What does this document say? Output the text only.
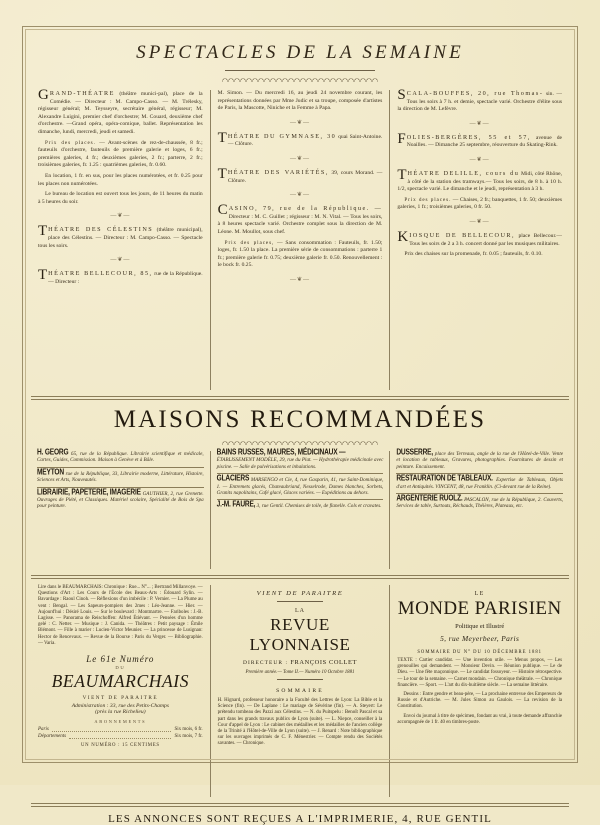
SPECTACLES DE LA SEMAINE

GRAND-THÉATRE (théâtre munici-pal), place de la Comédie. — Directeur : M. Campo-Casso. — M. Trélesky, régisseur général; M. Teysseyre, secrétaire général, régisseur; M. Alexandre Luigini, premier chef d'orchestre; M. Couard, deuxième chef d'orchestre. —Grand opéra, opéra-comique, ballet. Représentation les dimanche, lundi, mercredi, jeudi et samedi.

Prix des places. — Avant-scènes de rez-de-chaussée, 8 fr.; fauteuils d'orchestre, fauteuils de première galerie et loges, 6 fr.; premières galeries, 4 fr.; deuxièmes galeries, 2 fr.; parterre, 2 fr.; troisièmes galeries, fr. 1.25 : quatrièmes galeries, fr. 0.60.

En location, 1 fr. en sus, pour les places numérotées, et fr. 0.25 pour les places non numérotées.

Le bureau de location est ouvert tous les jours, de 11 heures du matin à 5 heures du soir.

—❦—

THÉATRE DES CÉLESTINS (théâtre municipal), place des Célestins. — Directeur : M. Campo-Casso. — Spectacle tous les soirs.

—❦—

THÉATRE BELLECOUR, 85, rue de la République. — Directeur :

M. Simon. — Du mercredi 16, au jeudi 24 novembre courant, les représentations données par Mme Judic et sa troupe, composée d'artistes de Paris, la Mascotte, Niniche et la Femme à Papa.

—❦—

THÉATRE DU GYMNASE, 30 quai Saint-Antoine. — Clôture.

—❦—

THÉATRE DES VARIÉTÉS, 39, cours Morand. — Clôture.

—❦—

CASINO, 79, rue de la République. — Directeur : M. C. Guillet ; régisseur : M. N. Vital. — Tous les soirs, à 8 heures spectacle varié. Orchestre complet sous la direction de M. Léone. M. Moullot, sous chef.

Prix des places, — Sans consommation : Fauteuils, fr. 1.50; loges, fr. 1.50 la place. La première série de consommations : parterre 1 fr.; première galerie fr. 0.75; deuxième galerie fr. 0.50. Renouvellement : le bock fr. 0.25.

—❦—

SCALA-BOUFFES, 20, rue Thomas- sin. — Tous les soirs à 7 h. et demie, spectacle varié. Orchestre d'élite sous la direction de M. Lefèvre.

—❦—

FOLIES-BERGÈRES, 55 et 57, avenue de Noailles. — Dimanche 25 septembre, réouverture du Skating-Rink.

—❦—

THÉATRE DELILLE, cours du Midi, côté Rhône, à côté de la station des tramways.— Tous les soirs, de 8 h. à 10 h. 1/2, spectacle varié. Le dimanche et le jeudi, représentation à 3 h.

Prix des places. — Chaises, 2 fr.; banquettes, 1 fr. 50; deuxièmes galeries, 1 fr.; troisièmes galeries, 0 fr. 50.

—❦—

KIOSQUE DE BELLECOUR, place Bellecour.—Tous les soirs de 2 a 3 h. concert donné par les musiques militaires.

Prix des chaises sur la promenade, fr. 0.05 ; fauteuils, fr. 0.10.

MAISONS RECOMMANDÉES

H. GEORG 65, rue de la République. Librairie scientifique et médicale, Cartes, Guides, Commission. Maison à Genève et à Bâle.

◆

MEYTON rue de la République, 33, Librairie moderne, Littérature, Histoire, Sciences et Arts, Nouveautés.

◆

LIBRAIRIE, PAPETERIE, IMAGERIE GAUTHIER, 2, rue Grenette. Ouvrages de Piété, et Classiques. Matériel scolaire, Spécialité de Bois de Spa pour peinture.

BAINS RUSSES, MAURES, MÉDICINAUX — ÉTABLISSEMENT MODÈLE, 29, rue du Plat. — Hydrothérapie médicinale avec piscine. — Salle de pulvérisations et inhalations.

◆

GLACIERS MARSENGO et Cie, 4, rue Gasparin, 41, rue Saint-Dominique, 1. — Entremets glacés, Chateaubriand, Nesselrode, Dames blanches, Sorbets, Granits napolitains, Café glacé, Glaces variées. — Expéditions au dehors.

◆

J.-M. FAURE, 3, rue Gentil. Chemises de toile, de flanelle. Cols et cravates.

DUSSERRE, place des Terreaux, angle de la rue de l'Hôtel-de-Ville. Vente et location de tableaux, Gravures, photographies. Fournitures de dessin et peinture. Encaissement.

◆

RESTAURATION DE TABLEAUX. Expertise de Tableaux, Objets d'art et Antiquités. VINCENT, 48, rue Franklin. (Ci-devant rue de la Reine).

◆

ARGENTERIE RUOLZ. PASCALON, rue de la République, 2. Couverts, Services de table, Surtouts, Réchauds, Théières, Plateaux, etc.

Lire dans le BEAUMARCHAIS: Chronique : Rue... N°... ; Bertrand Millanvoye. — Questions d'Art : Les Cours de l'École des Beaux-Arts : Édouard Sylin. — Bavardage : Raoul Cinoh. — Réflexions d'un imbécile : P. Vernier. — La Plume au vent : Bengal. — Les Sapeurs-pompiers des 2mes : Léo-Jeanne. — Hier. — Aujourd'hui : Désiré Louis. — Sur le boulevard : Montmartre. — Fariboles : J.-B. Lagisse. — Panorama de Reischoffen: Alfred Étiévant. — Pensées d'un homme gelé : C. Netter. — Musique : J. Canida. — Théâtres : Petit paysage : Émile Blémont. — Fille à marier : Lucien-Victor Meunier. — La princesse de Lusignan: Hector de Rencevaux. — Revue de la Bourse : Paris du Verger. — Bibliographie. — Varia.

Le 61e Numéro
DU
BEAUMARCHAIS
VIENT DE PARAITRE
Administration : 33, rue des Petits-Champs
(près la rue Richelieu)
ABONNEMENTS
Paris	Six mois, 6 fr.
Départements	Six mois, 7 fr.
UN NUMÉRO : 15 CENTIMES
VIENT DE PARAITRE
LA
REVUE LYONNAISE
DIRECTEUR : FRANÇOIS COLLET
Première année.— Tome II.— Numéro 10 Octobre 1881
SOMMAIRE

H. Hignard, professeur honoraire a la Faculté des Lettres de Lyon: La Bible et la Science (fin). — De Laplane : Le mariage de Sévérine (fin). — A. Steyert: Le prétendu tombeau des Pazzi aux Célestins. — N. du Puitspelu : Benoît Pascal et sa part dans les grands travaux publics de Lyon (suite). — L. Niepce, conseiller à la Cour d'appel de Lyon : Le cabinet des médailles et les médailles de l'ancien collège de la Trinité à l'Hôtel-de-Ville de Lyon (suite). — J. Renard : Note bibliographique sur les ouvrages imprimés de C. F. Ménestrier. — Compte rendu des Sociétés savantes. — Chronique.

LE
MONDE PARISIEN
Politique et Illustré
5, rue Meyerbeer, Paris
SOMMAIRE DU N° DU 10 DÉCEMBRE 1881

TEXTE : Cartier candidat. — Une invention utile. — Menus propos, — Les grenouilles qui demandent. — Monsieur Devin. — Réunion publique. — Le de Dieu. — Une fête maçonnique. — Le candidat fossoyeur. — Histoire rétrospective. — Le tour de la semaine. — Carnet mondain. — Chronique théâtrale. — Chronique financière. — Sport. — L'art du dix-huitième siècle. — La semaine littéraire.

Dessins : Entre gendre et beau-père, — La prochaine entrevue des Empereurs de Russie et d'Autriche. — M. Jules Simon au Gaulois. — La revision de la Constitution.

Envoi du journal à titre de spécimen, fondant au vrai, à toute demande affranchie accompagnée de 1 fr. 40 en timbres-poste.

LES ANNONCES SONT REÇUES A L'IMPRIMERIE, 4, RUE GENTIL
